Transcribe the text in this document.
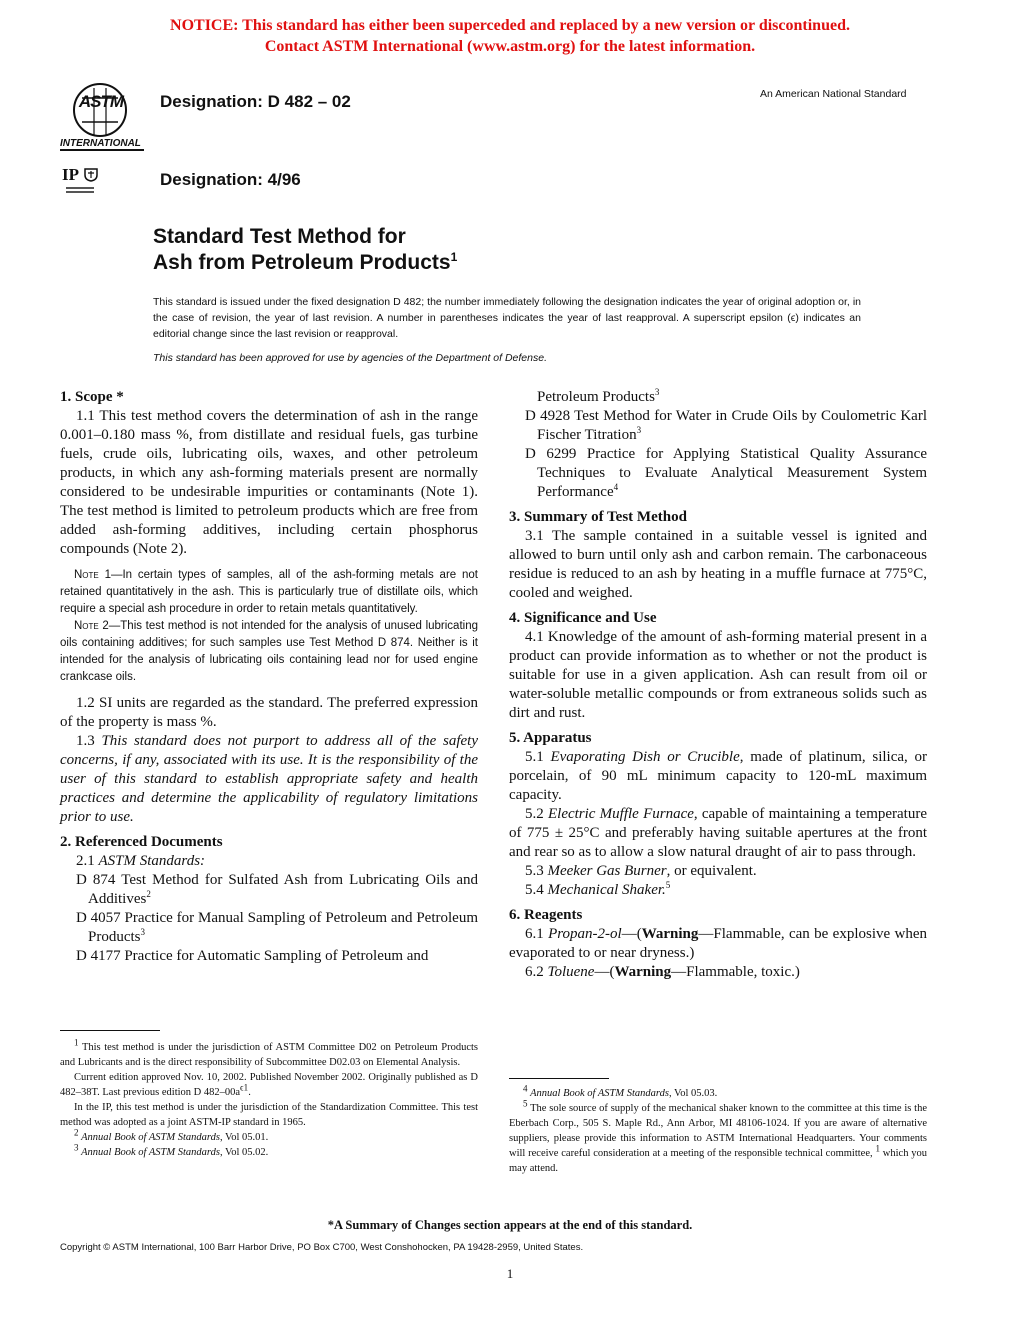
NOTICE: This standard has either been superceded and replaced by a new version or discontinued.
Contact ASTM International (www.astm.org) for the latest information.
ASTM
INTERNATIONAL
IP
Designation: D 482 – 02
Designation: 4/96
An American National Standard
Standard Test Method for
Ash from Petroleum Products$^1$
This standard is issued under the fixed designation D 482; the number immediately following the designation indicates the year of original adoption or, in the case of revision, the year of last revision. A number in parentheses indicates the year of last reapproval. A superscript epsilon (ϵ) indicates an editorial change since the last revision or reapproval.
This standard has been approved for use by agencies of the Department of Defense.

1. Scope *

1.1 This test method covers the determination of ash in the range 0.001–0.180 mass %, from distillate and residual fuels, gas turbine fuels, crude oils, lubricating oils, waxes, and other petroleum products, in which any ash-forming materials present are normally considered to be undesirable impurities or contaminants (Note 1). The test method is limited to petroleum products which are free from added ash-forming additives, including certain phosphorus compounds (Note 2).

Note 1—In certain types of samples, all of the ash-forming metals are not retained quantitatively in the ash. This is particularly true of distillate oils, which require a special ash procedure in order to retain metals quantitatively.

Note 2—This test method is not intended for the analysis of unused lubricating oils containing additives; for such samples use Test Method D 874. Neither is it intended for the analysis of lubricating oils containing lead nor for used engine crankcase oils.

1.2 SI units are regarded as the standard. The preferred expression of the property is mass %.

1.3 This standard does not purport to address all of the safety concerns, if any, associated with its use. It is the responsibility of the user of this standard to establish appropriate safety and health practices and determine the applicability of regulatory limitations prior to use.

2. Referenced Documents

2.1 ASTM Standards:

D 874 Test Method for Sulfated Ash from Lubricating Oils and Additives$^2$

D 4057 Practice for Manual Sampling of Petroleum and Petroleum Products$^3$

D 4177 Practice for Automatic Sampling of Petroleum and

$^1$ This test method is under the jurisdiction of ASTM Committee D02 on Petroleum Products and Lubricants and is the direct responsibility of Subcommittee D02.03 on Elemental Analysis.

Current edition approved Nov. 10, 2002. Published November 2002. Originally published as D 482–38T. Last previous edition D $482-00a^{\epsilon 1}$.

In the IP, this test method is under the jurisdiction of the Standardization Committee. This test method was adopted as a joint ASTM-IP standard in 1965.

$^2$ Annual Book of ASTM Standards, Vol 05.01.

$^3$ Annual Book of ASTM Standards, Vol 05.02.

Petroleum Products$^3$

D 4928 Test Method for Water in Crude Oils by Coulometric Karl Fischer Titration$^3$

D 6299 Practice for Applying Statistical Quality Assurance Techniques to Evaluate Analytical Measurement System Performance$^4$

3. Summary of Test Method

3.1 The sample contained in a suitable vessel is ignited and allowed to burn until only ash and carbon remain. The carbonaceous residue is reduced to an ash by heating in a muffle furnace at 775°C, cooled and weighed.

4. Significance and Use

4.1 Knowledge of the amount of ash-forming material present in a product can provide information as to whether or not the product is suitable for use in a given application. Ash can result from oil or water-soluble metallic compounds or from extraneous solids such as dirt and rust.

5. Apparatus

5.1 Evaporating Dish or Crucible, made of platinum, silica, or porcelain, of 90 mL minimum capacity to 120-mL maximum capacity.

5.2 Electric Muffle Furnace, capable of maintaining a temperature of 775 ± 25°C and preferably having suitable apertures at the front and rear so as to allow a slow natural draught of air to pass through.

5.3 Meeker Gas Burner, or equivalent.

5.4 Mechanical Shaker.$^5$

6. Reagents

6.1 Propan-2-ol—(Warning—Flammable, can be explosive when evaporated to or near dryness.)

6.2 Toluene—(Warning—Flammable, toxic.)

$^4$ Annual Book of ASTM Standards, Vol 05.03.

$^5$ The sole source of supply of the mechanical shaker known to the committee at this time is the Eberbach Corp., 505 S. Maple Rd., Ann Arbor, MI 48106-1024. If you are aware of alternative suppliers, please provide this information to ASTM International Headquarters. Your comments will receive careful consideration at a meeting of the responsible technical committee, $^1$ which you may attend.

*A Summary of Changes section appears at the end of this standard.
Copyright © ASTM International, 100 Barr Harbor Drive, PO Box C700, West Conshohocken, PA 19428-2959, United States.
1
